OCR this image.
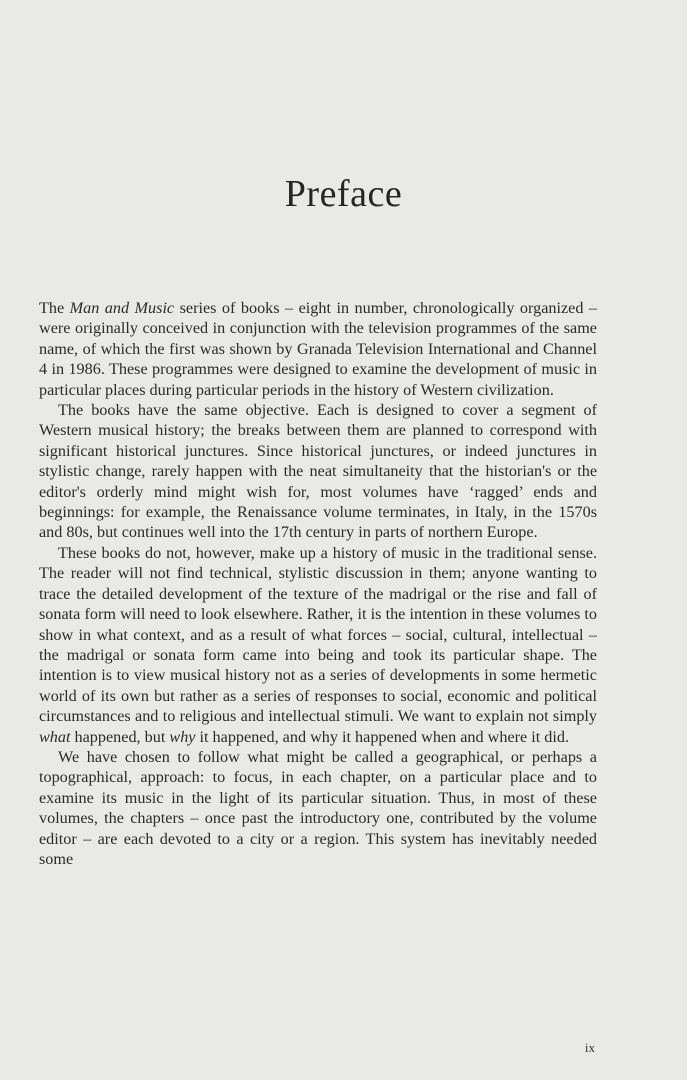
Preface

The Man and Music series of books – eight in number, chronologically organized – were originally conceived in conjunction with the television programmes of the same name, of which the first was shown by Granada Television International and Channel 4 in 1986. These programmes were designed to examine the development of music in particular places during particular periods in the history of Western civilization.

The books have the same objective. Each is designed to cover a segment of Western musical history; the breaks between them are planned to correspond with significant historical junctures. Since historical junctures, or indeed junctures in stylistic change, rarely happen with the neat simultaneity that the historian's or the editor's orderly mind might wish for, most volumes have ‘ragged’ ends and beginnings: for example, the Renaissance volume terminates, in Italy, in the 1570s and 80s, but continues well into the 17th century in parts of northern Europe.

These books do not, however, make up a history of music in the traditional sense. The reader will not find technical, stylistic discussion in them; anyone wanting to trace the detailed development of the texture of the madrigal or the rise and fall of sonata form will need to look elsewhere. Rather, it is the intention in these volumes to show in what context, and as a result of what forces – social, cultural, intellectual – the madrigal or sonata form came into being and took its particular shape. The intention is to view musical history not as a series of developments in some hermetic world of its own but rather as a series of responses to social, economic and political circumstances and to religious and intellectual stimuli. We want to explain not simply what happened, but why it happened, and why it happened when and where it did.

We have chosen to follow what might be called a geographical, or perhaps a topographical, approach: to focus, in each chapter, on a particular place and to examine its music in the light of its particular situation. Thus, in most of these volumes, the chapters – once past the introductory one, contributed by the volume editor – are each devoted to a city or a region. This system has inevitably needed some

ix
